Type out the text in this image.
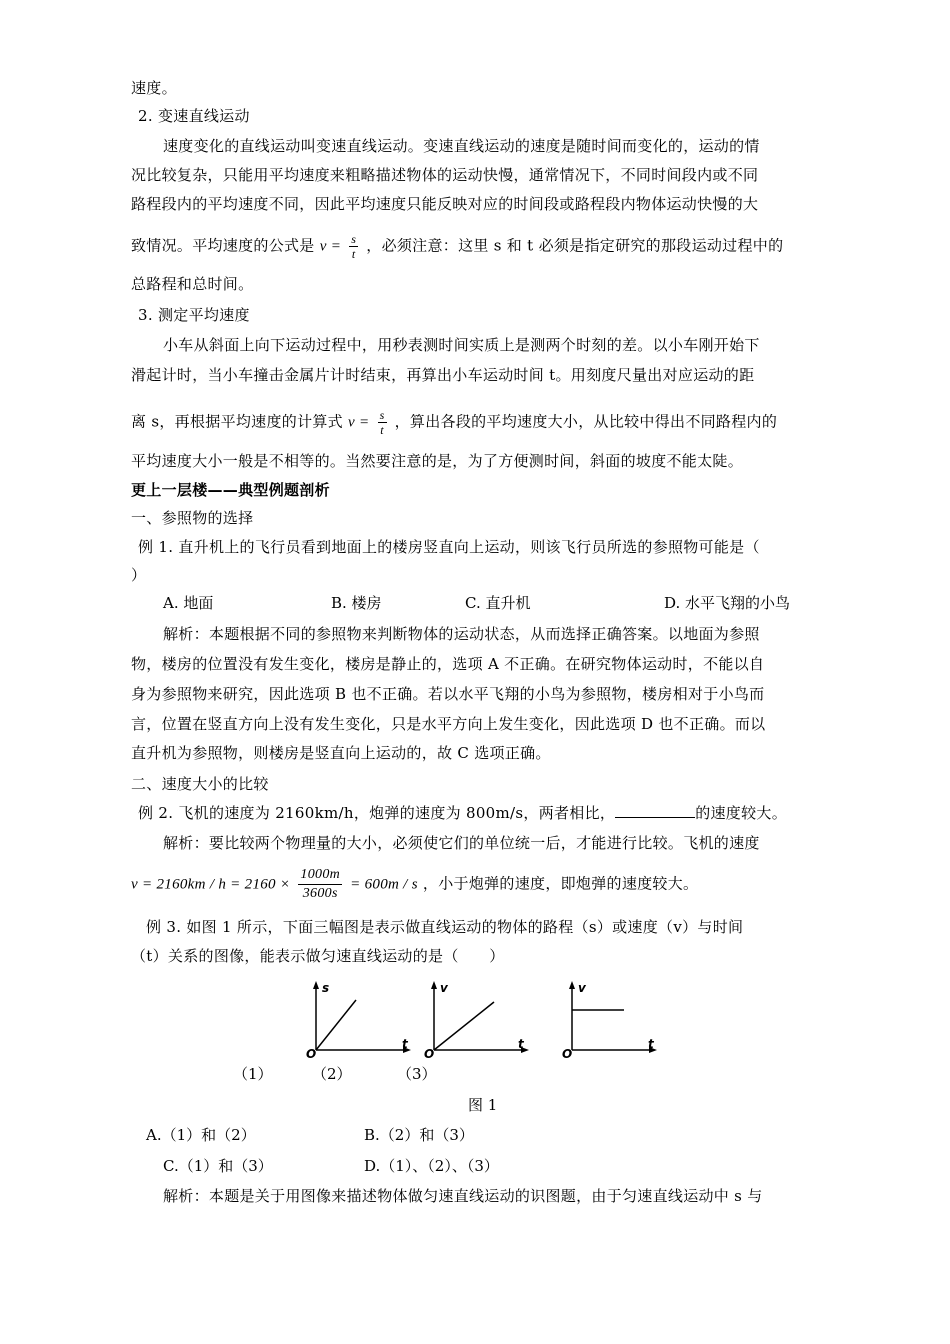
速度。
2. 变速直线运动
速度变化的直线运动叫变速直线运动。变速直线运动的速度是随时间而变化的，运动的情
况比较复杂，只能用平均速度来粗略描述物体的运动快慢，通常情况下，不同时间段内或不同
路程段内的平均速度不同，因此平均速度只能反映对应的时间段或路程段内物体运动快慢的大
致情况。平均速度的公式是 $v = \frac{s}{t}$ ，必须注意：这里 s 和 t 必须是指定研究的那段运动过程中的
总路程和总时间。
3. 测定平均速度
小车从斜面上向下运动过程中，用秒表测时间实质上是测两个时刻的差。以小车刚开始下
滑起计时，当小车撞击金属片计时结束，再算出小车运动时间 t。用刻度尺量出对应运动的距
离 s，再根据平均速度的计算式 $v = \frac{s}{t}$ ，算出各段的平均速度大小，从比较中得出不同路程内的
平均速度大小一般是不相等的。当然要注意的是，为了方便测时间，斜面的坡度不能太陡。
更上一层楼——典型例题剖析
一、参照物的选择
例 1. 直升机上的飞行员看到地面上的楼房竖直向上运动，则该飞行员所选的参照物可能是（
）
A. 地面	B. 楼房	C. 直升机	D. 水平飞翔的小鸟
解析：本题根据不同的参照物来判断物体的运动状态，从而选择正确答案。以地面为参照
物，楼房的位置没有发生变化，楼房是静止的，选项 A 不正确。在研究物体运动时，不能以自
身为参照物来研究，因此选项 B 也不正确。若以水平飞翔的小鸟为参照物，楼房相对于小鸟而
言，位置在竖直方向上没有发生变化，只是水平方向上发生变化，因此选项 D 也不正确。而以
直升机为参照物，则楼房是竖直向上运动的，故 C 选项正确。
二、速度大小的比较
例 2. 飞机的速度为 2160km/h，炮弹的速度为 800m/s，两者相比，	的速度较大。
解析：要比较两个物理量的大小，必须使它们的单位统一后，才能进行比较。飞机的速度
$v = 2160km / h = 2160 \times \frac{1000m}{3600s} = 600m / s$ ，小于炮弹的速度，即炮弹的速度较大。
例 3. 如图 1 所示，下面三幅图是表示做直线运动的物体的路程（s）或速度（v）与时间
（t）关系的图像，能表示做匀速直线运动的是（　　）
s
t
O
v
t
O
v
t
O
（1）	（2）	（3）
图 1
A.（1）和（2）	B.（2）和（3）
C.（1）和（3）	D.（1）、（2）、（3）
解析：本题是关于用图像来描述物体做匀速直线运动的识图题，由于匀速直线运动中 s 与
